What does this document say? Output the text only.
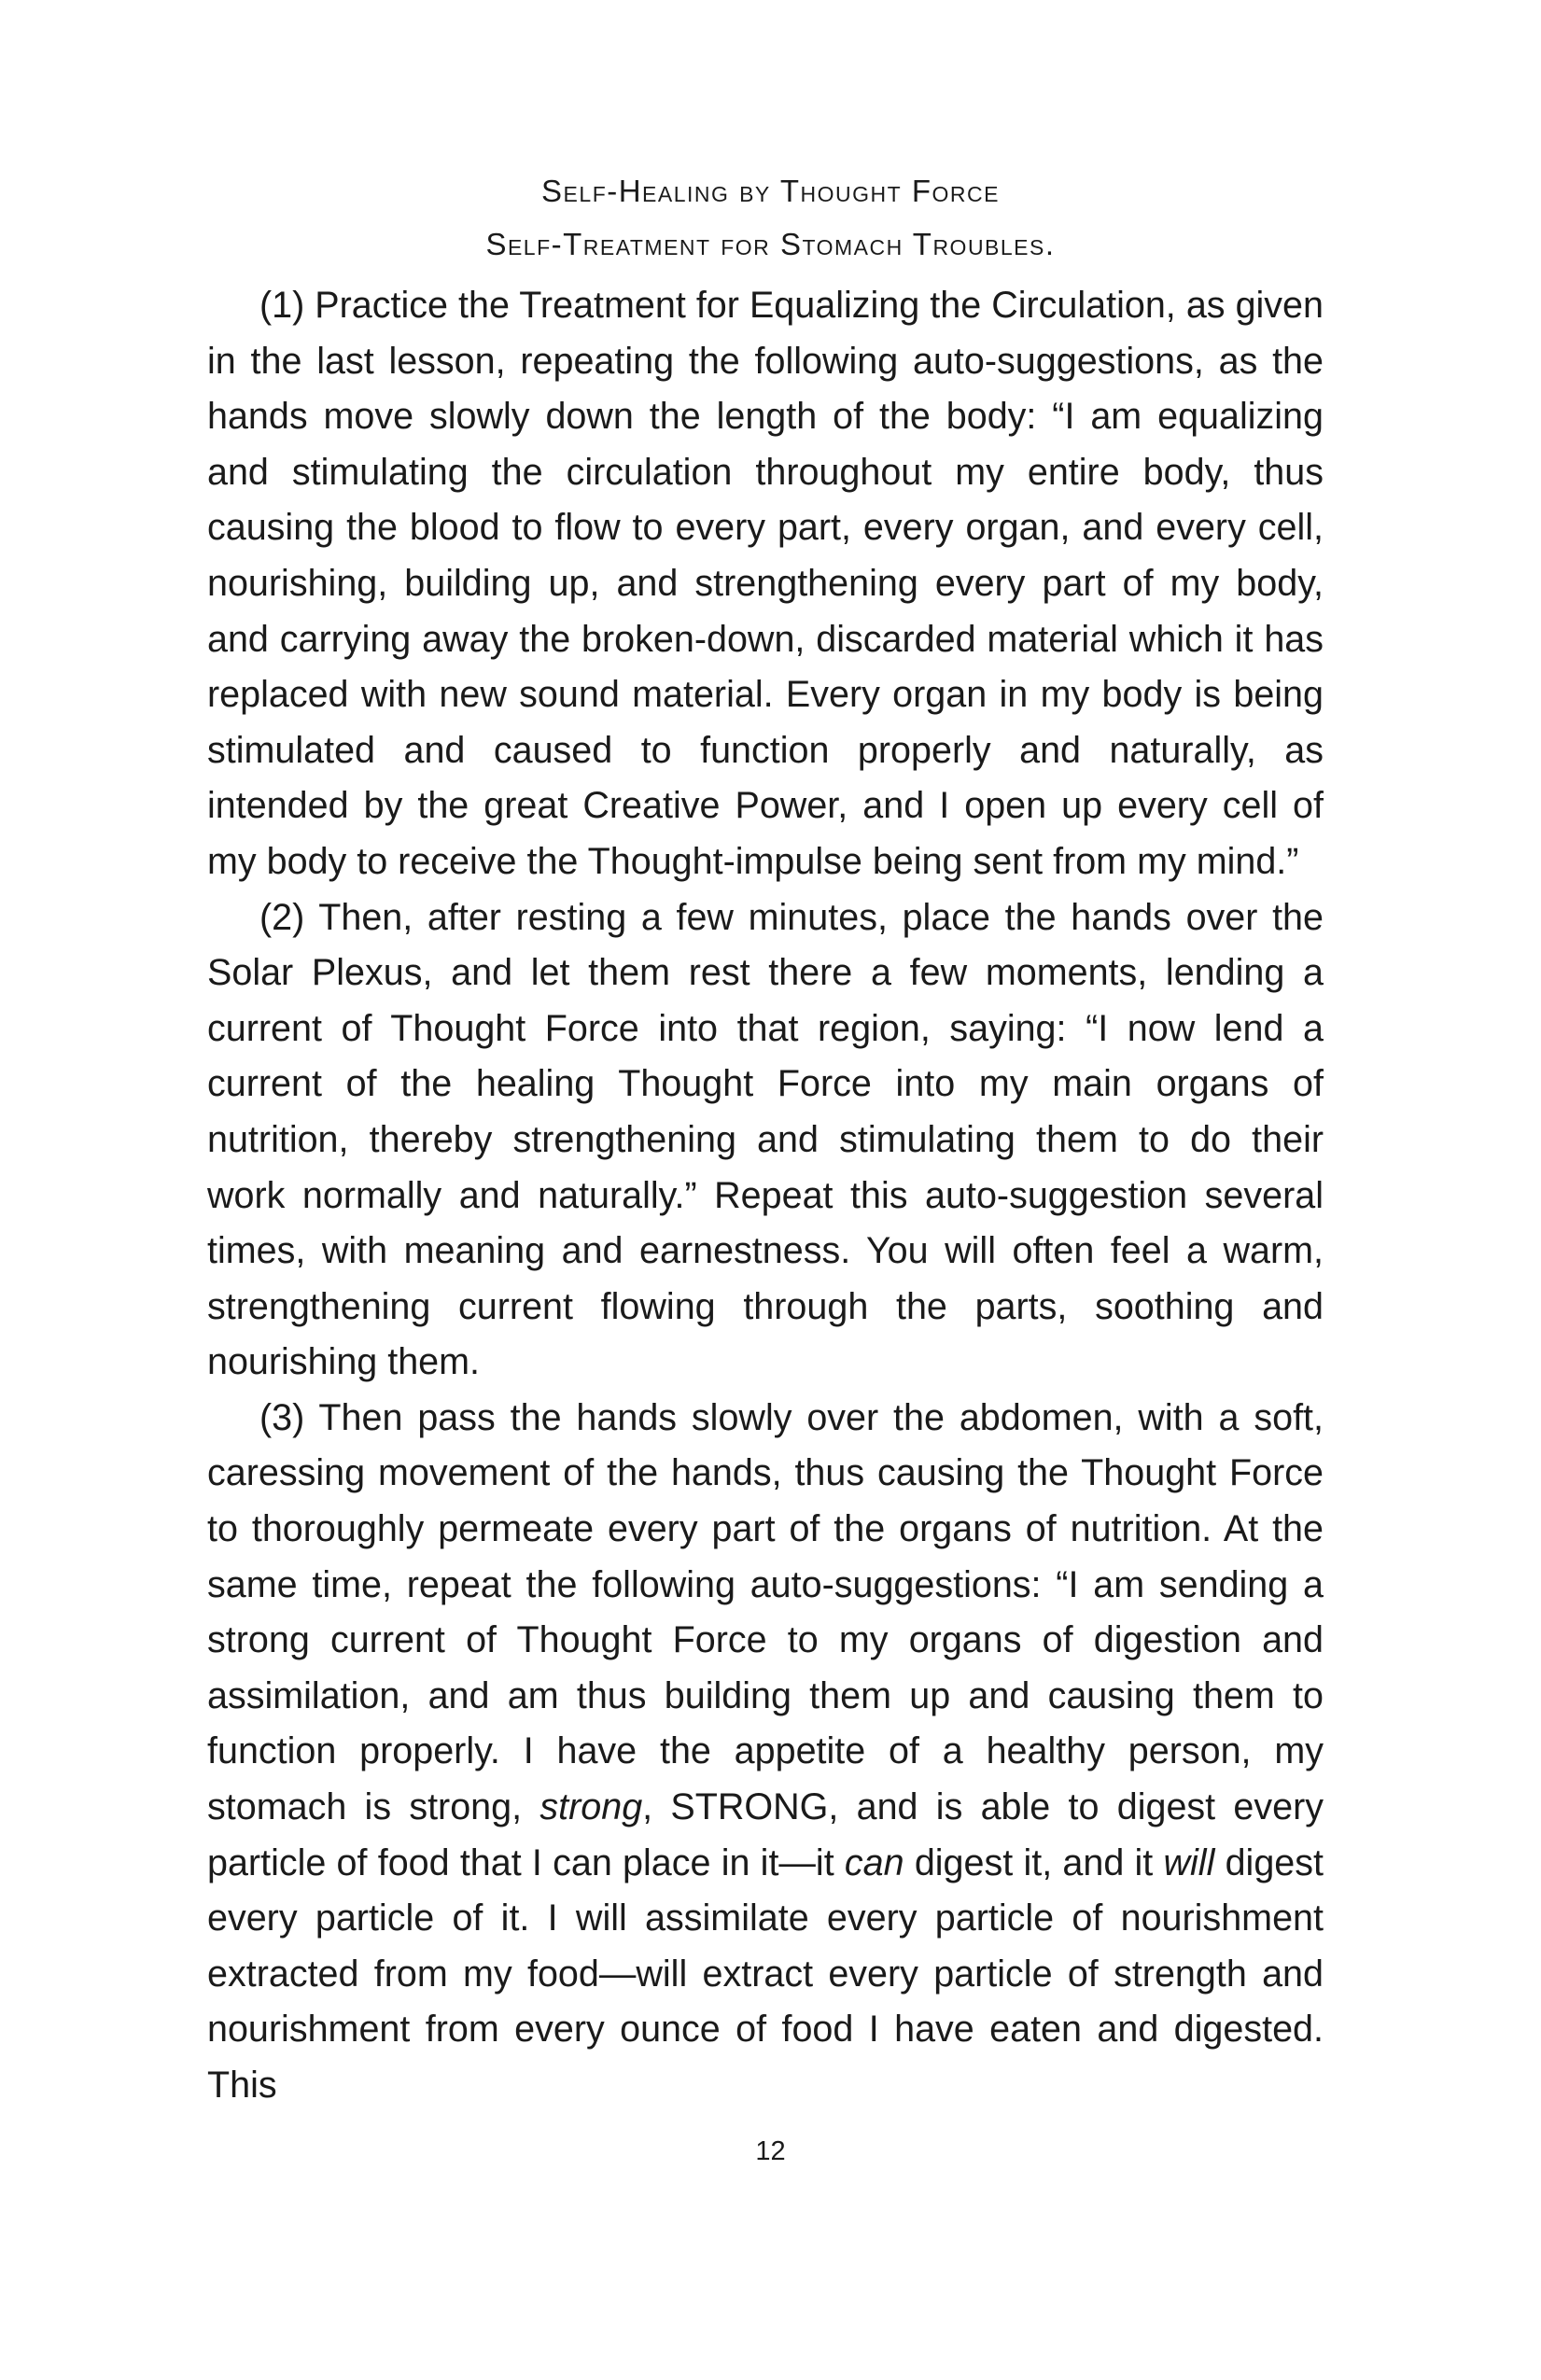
Self-Healing by Thought Force
Self-Treatment for Stomach Troubles.

(1) Practice the Treatment for Equalizing the Circulation, as given in the last lesson, repeating the following auto-suggestions, as the hands move slowly down the length of the body: “I am equalizing and stimulating the circulation throughout my entire body, thus causing the blood to flow to every part, every organ, and every cell, nourishing, building up, and strengthening every part of my body, and carrying away the broken-down, discarded material which it has replaced with new sound material. Every organ in my body is being stimulated and caused to function properly and naturally, as intended by the great Creative Power, and I open up every cell of my body to receive the Thought-impulse being sent from my mind.”

(2) Then, after resting a few minutes, place the hands over the Solar Plexus, and let them rest there a few moments, lending a current of Thought Force into that region, saying: “I now lend a current of the healing Thought Force into my main organs of nutrition, thereby strengthening and stimulating them to do their work normally and naturally.” Repeat this auto-suggestion several times, with meaning and earnestness. You will often feel a warm, strengthening current flowing through the parts, soothing and nourishing them.

(3) Then pass the hands slowly over the abdomen, with a soft, caressing movement of the hands, thus causing the Thought Force to thoroughly permeate every part of the organs of nutrition. At the same time, repeat the following auto-suggestions: “I am sending a strong current of Thought Force to my organs of digestion and assimilation, and am thus building them up and causing them to function properly. I have the appetite of a healthy person, my stomach is strong, strong, STRONG, and is able to digest every particle of food that I can place in it—it can digest it, and it will digest every particle of it. I will assimilate every particle of nourishment extracted from my food—will extract every particle of strength and nourishment from every ounce of food I have eaten and digested. This

12
